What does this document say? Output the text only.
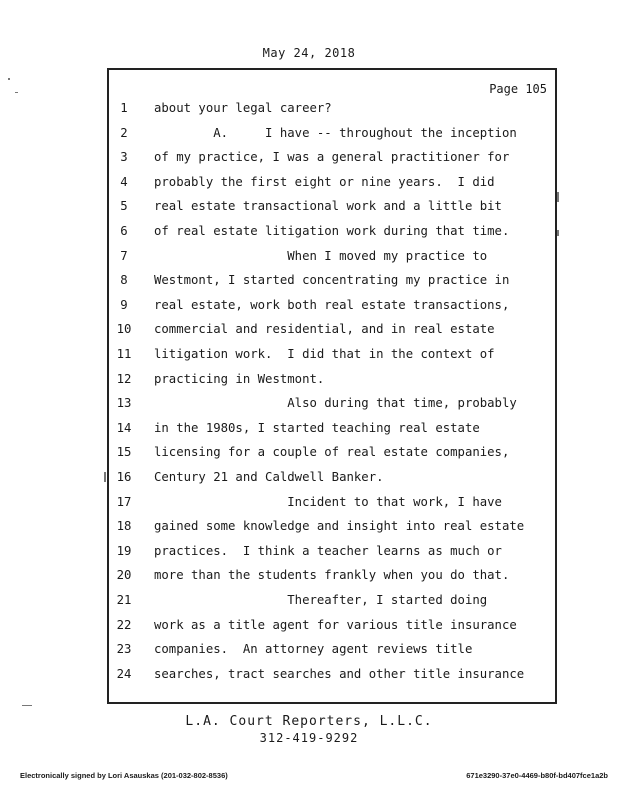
May 24, 2018
Page 105
1	about your legal career?
2	A.     I have -- throughout the inception
3	of my practice, I was a general practitioner for
4	probably the first eight or nine years.  I did
5	real estate transactional work and a little bit
6	of real estate litigation work during that time.
7	When I moved my practice to
8	Westmont, I started concentrating my practice in
9	real estate, work both real estate transactions,
10	commercial and residential, and in real estate
11	litigation work.  I did that in the context of
12	practicing in Westmont.
13	Also during that time, probably
14	in the 1980s, I started teaching real estate
15	licensing for a couple of real estate companies,
16	Century 21 and Caldwell Banker.
17	Incident to that work, I have
18	gained some knowledge and insight into real estate
19	practices.  I think a teacher learns as much or
20	more than the students frankly when you do that.
21	Thereafter, I started doing
22	work as a title agent for various title insurance
23	companies.  An attorney agent reviews title
24	searches, tract searches and other title insurance
L.A. Court Reporters, L.L.C.
312-419-9292
Electronically signed by Lori Asauskas (201-032-802-8536)	671e3290-37e0-4469-b80f-bd407fce1a2b
